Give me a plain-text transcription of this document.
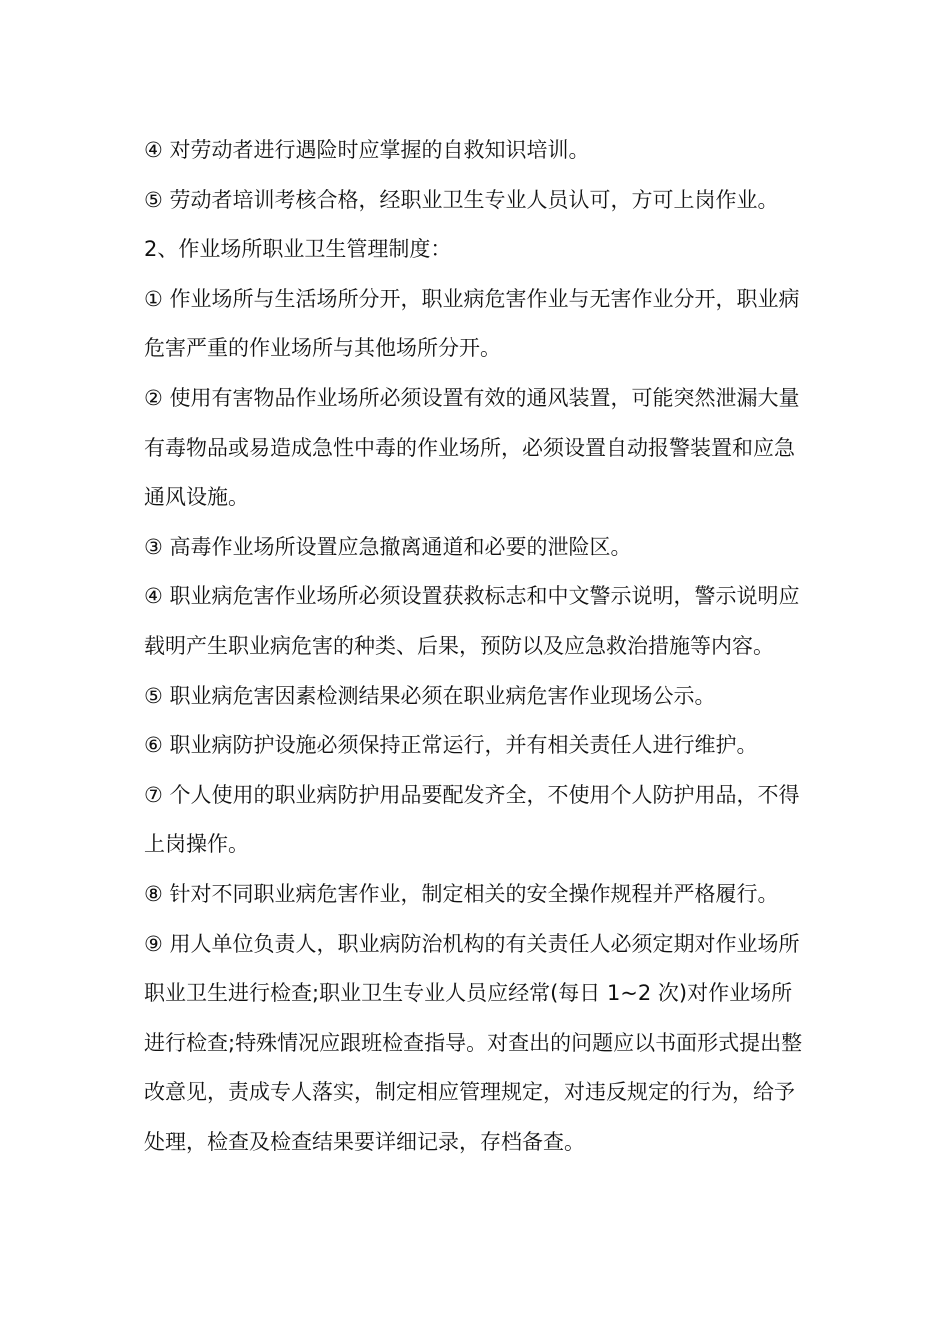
④ 对劳动者进行遇险时应掌握的自救知识培训。

⑤ 劳动者培训考核合格，经职业卫生专业人员认可，方可上岗作业。

2、作业场所职业卫生管理制度：

① 作业场所与生活场所分开，职业病危害作业与无害作业分开，职业病危害严重的作业场所与其他场所分开。

② 使用有害物品作业场所必须设置有效的通风装置，可能突然泄漏大量有毒物品或易造成急性中毒的作业场所，必须设置自动报警装置和应急通风设施。

③ 高毒作业场所设置应急撤离通道和必要的泄险区。

④ 职业病危害作业场所必须设置获救标志和中文警示说明，警示说明应载明产生职业病危害的种类、后果，预防以及应急救治措施等内容。

⑤ 职业病危害因素检测结果必须在职业病危害作业现场公示。

⑥ 职业病防护设施必须保持正常运行，并有相关责任人进行维护。

⑦ 个人使用的职业病防护用品要配发齐全，不使用个人防护用品，不得上岗操作。

⑧ 针对不同职业病危害作业，制定相关的安全操作规程并严格履行。

⑨ 用人单位负责人，职业病防治机构的有关责任人必须定期对作业场所职业卫生进行检查;职业卫生专业人员应经常(每日 1~2 次)对作业场所进行检查;特殊情况应跟班检查指导。对查出的问题应以书面形式提出整改意见，责成专人落实，制定相应管理规定，对违反规定的行为，给予处理，检查及检查结果要详细记录，存档备查。
